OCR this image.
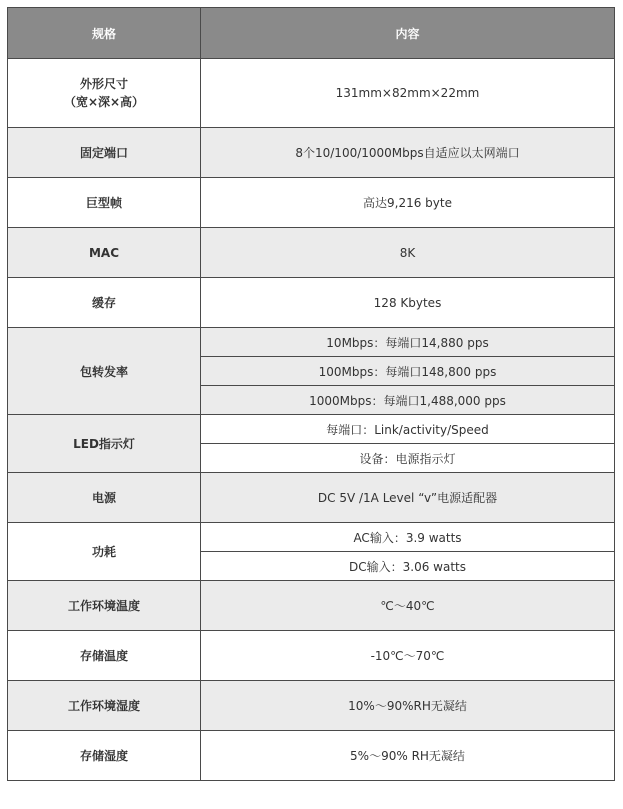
规格	内容
外形尺寸
（宽×深×高）	131mm×82mm×22mm
固定端口	8个10/100/1000Mbps自适应以太网端口
巨型帧	高达9,216 byte
MAC	8K
缓存	128 Kbytes
包转发率	10Mbps：每端口14,880 pps
	100Mbps：每端口148,800 pps
	1000Mbps：每端口1,488,000 pps
LED指示灯	每端口：Link/activity/Speed
	设备：电源指示灯
电源	DC 5V /1A Level “v”电源适配器
功耗	AC输入：3.9 watts
	DC输入：3.06 watts
工作环境温度	℃～40℃
存储温度	-10℃～70℃
工作环境湿度	10%～90%RH无凝结
存储湿度	5%～90% RH无凝结
